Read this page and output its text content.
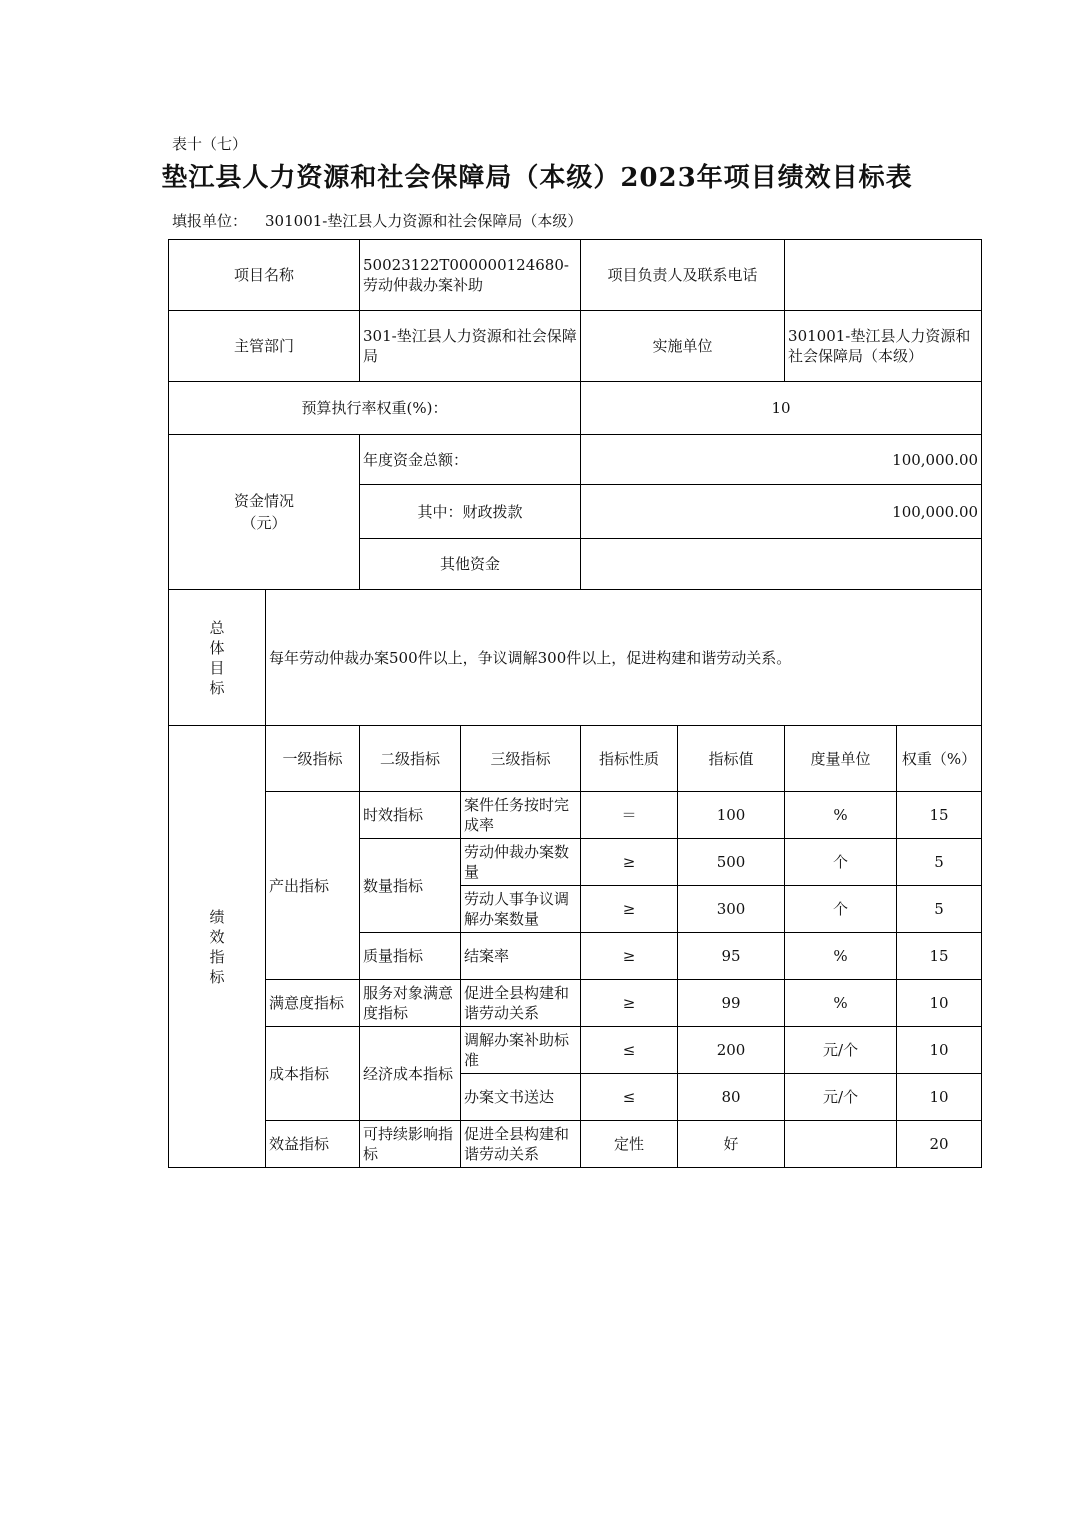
表十（七）
垫江县人力资源和社会保障局（本级）2023年项目绩效目标表
填报单位： 301001-垫江县人力资源和社会保障局（本级）
项目名称		50023122T000000124680-劳动仲裁办案补助		项目负责人及联系电话			
主管部门		301-垫江县人力资源和社会保障局		实施单位		301001-垫江县人力资源和社会保障局（本级）	
预算执行率权重(%)：				10			
资金情况
（元）		年度资金总额：		100,000.00			
		其中：财政拨款		100,000.00			
		其他资金					
总
体
目
标	每年劳动仲裁办案500件以上，争议调解300件以上，促进构建和谐劳动关系。						
绩
效
指
标	一级指标	二级指标	三级指标	指标性质	指标值	度量单位	权重（%）
	产出指标	时效指标	案件任务按时完成率	＝	100	%	15
		数量指标	劳动仲裁办案数量	≥	500	个	5
			劳动人事争议调解办案数量	≥	300	个	5
		质量指标	结案率	≥	95	%	15
	满意度指标	服务对象满意度指标	促进全县构建和谐劳动关系	≥	99	%	10
	成本指标	经济成本指标	调解办案补助标准	≤	200	元/个	10
			办案文书送达	≤	80	元/个	10
	效益指标	可持续影响指标	促进全县构建和谐劳动关系	定性	好		20
